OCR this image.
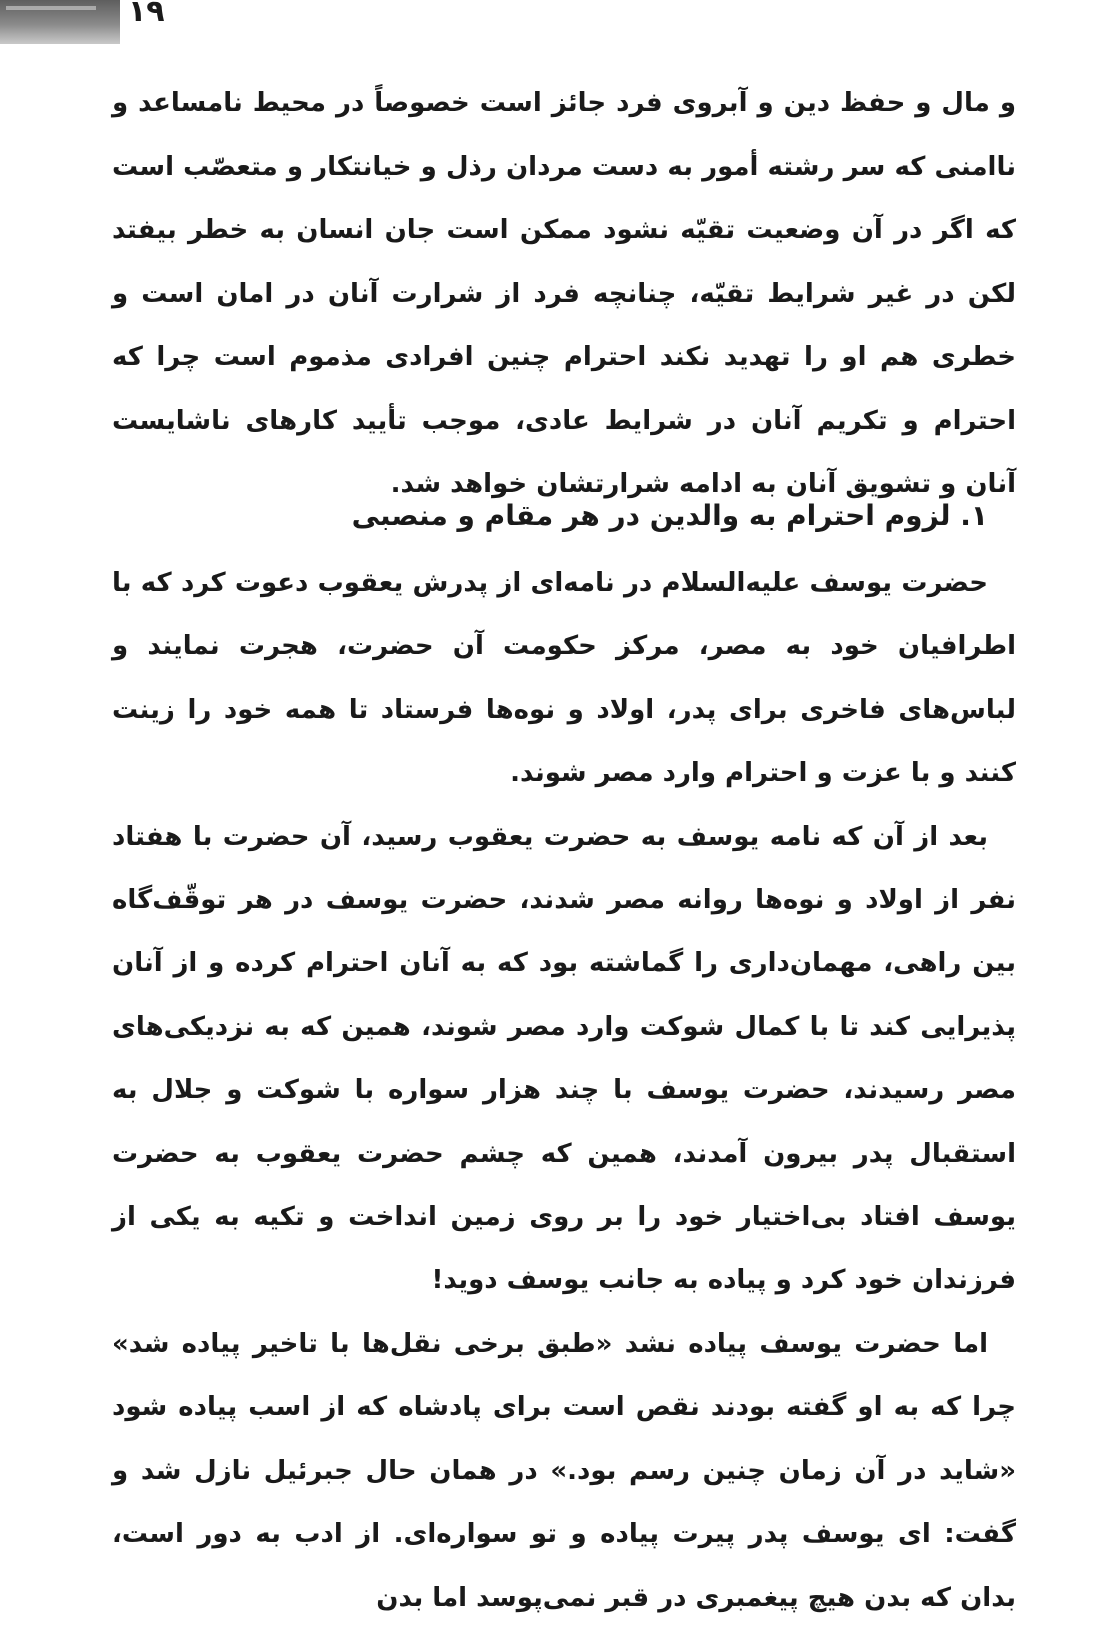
۱۹

و مال و حفظ دین و آبروی فرد جائز است خصوصاً در محیط نامساعد و ناامنی که سر رشته أمور به دست مردان رذل و خیانتکار و متعصّب است که اگر در آن وضعیت تقیّه نشود ممکن است جان انسان به خطر بیفتد لکن در غیر شرایط تقیّه، چنانچه فرد از شرارت آنان در امان است و خطری هم او را تهدید نکند احترام چنین افرادی مذموم است چرا که احترام و تکریم آنان در شرایط عادی، موجب تأیید کارهای ناشایست آنان و تشویق آنان به ادامه شرارتشان خواهد شد.

۱. لزوم احترام به والدین در هر مقام و منصبی

حضرت یوسف علیه‌السلام در نامه‌ای از پدرش یعقوب دعوت کرد که با اطرافیان خود به مصر، مرکز حکومت آن حضرت، هجرت نمایند و لباس‌های فاخری برای پدر، اولاد و نوه‌ها فرستاد تا همه خود را زینت کنند و با عزت و احترام وارد مصر شوند.

بعد از آن که نامه یوسف به حضرت یعقوب رسید، آن حضرت با هفتاد نفر از اولاد و نوه‌ها روانه مصر شدند، حضرت یوسف در هر توقّف‌گاه بین راهی، مهمان‌داری را گماشته بود که به آنان احترام کرده و از آنان پذیرایی کند تا با کمال شوکت وارد مصر شوند، همین که به نزدیکی‌های مصر رسیدند، حضرت یوسف با چند هزار سواره با شوکت و جلال به استقبال پدر بیرون آمدند، همین که چشم حضرت یعقوب به حضرت یوسف افتاد بی‌اختیار خود را بر روی زمین انداخت و تکیه به یکی از فرزندان خود کرد و پیاده به جانب یوسف دوید!

اما حضرت یوسف پیاده نشد «طبق برخی نقل‌ها با تاخیر پیاده شد» چرا که به او گفته بودند نقص است برای پادشاه که از اسب پیاده شود «شاید در آن زمان چنین رسم بود.» در همان حال جبرئیل نازل شد و گفت: ای یوسف پدر پیرت پیاده و تو سواره‌ای. از ادب به دور است، بدان که بدن هیچ پیغمبری در قبر نمی‌پوسد اما بدن
